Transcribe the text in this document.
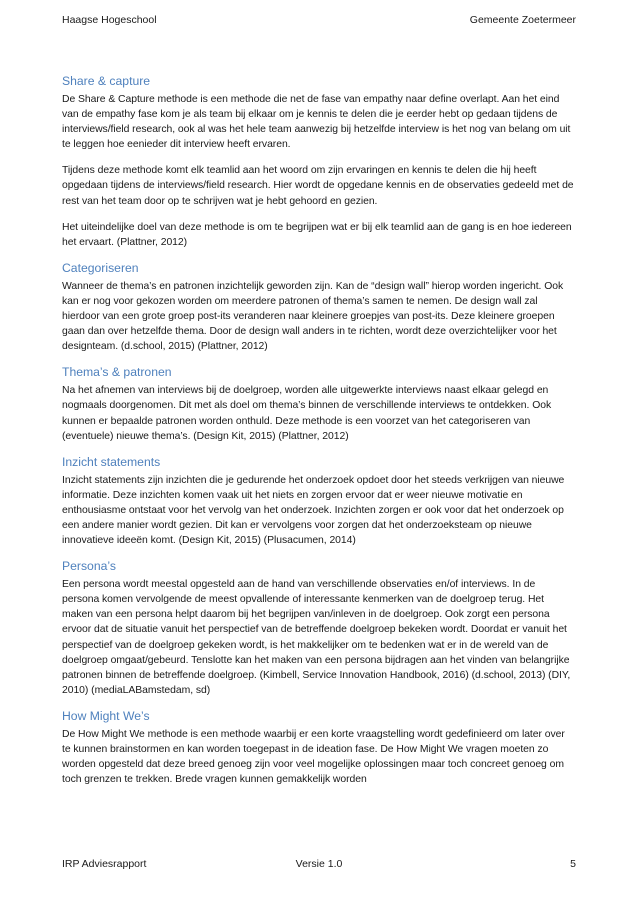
Haagse Hogeschool	Gemeente Zoetermeer
Share & capture

De Share & Capture methode is een methode die net de fase van empathy naar define overlapt. Aan het eind van de empathy fase kom je als team bij elkaar om je kennis te delen die je eerder hebt op gedaan tijdens de interviews/field research, ook al was het hele team aanwezig bij hetzelfde interview is het nog van belang om uit te leggen hoe eenieder dit interview heeft ervaren.

Tijdens deze methode komt elk teamlid aan het woord om zijn ervaringen en kennis te delen die hij heeft opgedaan tijdens de interviews/field research. Hier wordt de opgedane kennis en de observaties gedeeld met de rest van het team door op te schrijven wat je hebt gehoord en gezien.

Het uiteindelijke doel van deze methode is om te begrijpen wat er bij elk teamlid aan de gang is en hoe iedereen het ervaart. (Plattner, 2012)

Categoriseren

Wanneer de thema’s en patronen inzichtelijk geworden zijn. Kan de “design wall” hierop worden ingericht. Ook kan er nog voor gekozen worden om meerdere patronen of thema’s samen te nemen. De design wall zal hierdoor van een grote groep post-its veranderen naar kleinere groepjes van post-its. Deze kleinere groepen gaan dan over hetzelfde thema. Door de design wall anders in te richten, wordt deze overzichtelijker voor het designteam. (d.school, 2015) (Plattner, 2012)

Thema’s & patronen

Na het afnemen van interviews bij de doelgroep, worden alle uitgewerkte interviews naast elkaar gelegd en nogmaals doorgenomen. Dit met als doel om thema’s binnen de verschillende interviews te ontdekken. Ook kunnen er bepaalde patronen worden onthuld. Deze methode is een voorzet van het categoriseren van (eventuele) nieuwe thema’s. (Design Kit, 2015) (Plattner, 2012)

Inzicht statements

Inzicht statements zijn inzichten die je gedurende het onderzoek opdoet door het steeds verkrijgen van nieuwe informatie. Deze inzichten komen vaak uit het niets en zorgen ervoor dat er weer nieuwe motivatie en enthousiasme ontstaat voor het vervolg van het onderzoek. Inzichten zorgen er ook voor dat het onderzoek op een andere manier wordt gezien. Dit kan er vervolgens voor zorgen dat het onderzoeksteam op nieuwe innovatieve ideeën komt. (Design Kit, 2015) (Plusacumen, 2014)

Persona’s

Een persona wordt meestal opgesteld aan de hand van verschillende observaties en/of interviews. In de persona komen vervolgende de meest opvallende of interessante kenmerken van de doelgroep terug. Het maken van een persona helpt daarom bij het begrijpen van/inleven in de doelgroep. Ook zorgt een persona ervoor dat de situatie vanuit het perspectief van de betreffende doelgroep bekeken wordt. Doordat er vanuit het perspectief van de doelgroep gekeken wordt, is het makkelijker om te bedenken wat er in de wereld van de doelgroep omgaat/gebeurd. Tenslotte kan het maken van een persona bijdragen aan het vinden van belangrijke patronen binnen de betreffende doelgroep. (Kimbell, Service Innovation Handbook, 2016) (d.school, 2013) (DIY, 2010) (mediaLABamstedam, sd)

How Might We’s

De How Might We methode is een methode waarbij er een korte vraagstelling wordt gedefinieerd om later over te kunnen brainstormen en kan worden toegepast in de ideation fase. De How Might We vragen moeten zo worden opgesteld dat deze breed genoeg zijn voor veel mogelijke oplossingen maar toch concreet genoeg om toch grenzen te trekken. Brede vragen kunnen gemakkelijk worden

IRP Adviesrapport	Versie 1.0	5
